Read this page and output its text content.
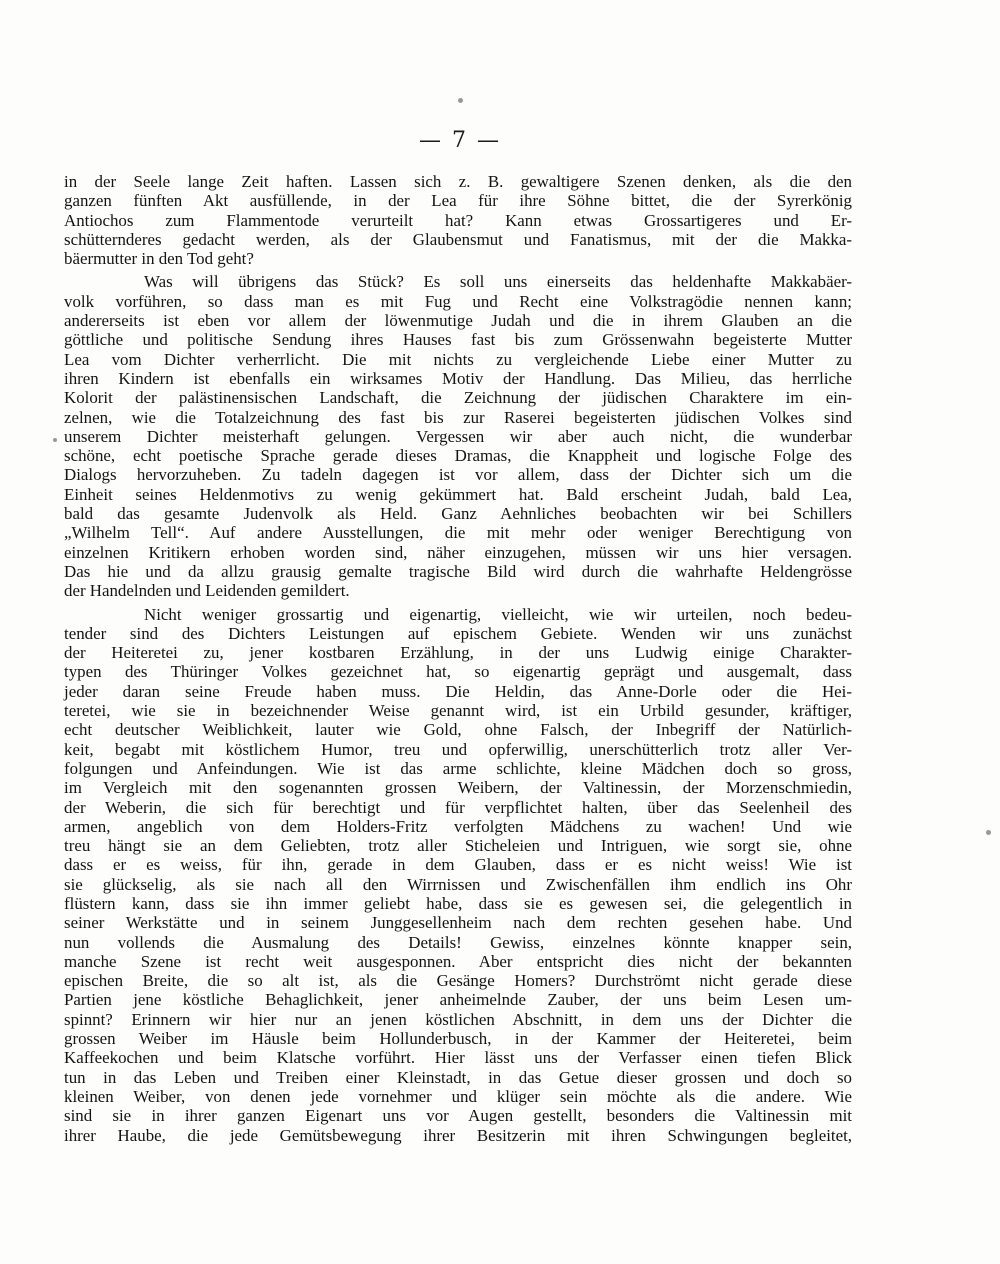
— 7 —
in der Seele lange Zeit haften. Lassen sich z. B. gewaltigere Szenen denken, als die den
ganzen fünften Akt ausfüllende, in der Lea für ihre Söhne bittet, die der Syrerkönig
Antiochos zum Flammentode verurteilt hat? Kann etwas Grossartigeres und Er-
schütternderes gedacht werden, als der Glaubensmut und Fanatismus, mit der die Makka-
bäermutter in den Tod geht?
Was will übrigens das Stück? Es soll uns einerseits das heldenhafte Makkabäer-
volk vorführen, so dass man es mit Fug und Recht eine Volkstragödie nennen kann;
andererseits ist eben vor allem der löwenmutige Judah und die in ihrem Glauben an die
göttliche und politische Sendung ihres Hauses fast bis zum Grössenwahn begeisterte Mutter
Lea vom Dichter verherrlicht. Die mit nichts zu vergleichende Liebe einer Mutter zu
ihren Kindern ist ebenfalls ein wirksames Motiv der Handlung. Das Milieu, das herrliche
Kolorit der palästinensischen Landschaft, die Zeichnung der jüdischen Charaktere im ein-
zelnen, wie die Totalzeichnung des fast bis zur Raserei begeisterten jüdischen Volkes sind
unserem Dichter meisterhaft gelungen. Vergessen wir aber auch nicht, die wunderbar
schöne, echt poetische Sprache gerade dieses Dramas, die Knappheit und logische Folge des
Dialogs hervorzuheben. Zu tadeln dagegen ist vor allem, dass der Dichter sich um die
Einheit seines Heldenmotivs zu wenig gekümmert hat. Bald erscheint Judah, bald Lea,
bald das gesamte Judenvolk als Held. Ganz Aehnliches beobachten wir bei Schillers
„Wilhelm Tell“. Auf andere Ausstellungen, die mit mehr oder weniger Berechtigung von
einzelnen Kritikern erhoben worden sind, näher einzugehen, müssen wir uns hier versagen.
Das hie und da allzu grausig gemalte tragische Bild wird durch die wahrhafte Heldengrösse
der Handelnden und Leidenden gemildert.
Nicht weniger grossartig und eigenartig, vielleicht, wie wir urteilen, noch bedeu-
tender sind des Dichters Leistungen auf epischem Gebiete. Wenden wir uns zunächst
der Heiteretei zu, jener kostbaren Erzählung, in der uns Ludwig einige Charakter-
typen des Thüringer Volkes gezeichnet hat, so eigenartig geprägt und ausgemalt, dass
jeder daran seine Freude haben muss. Die Heldin, das Anne-Dorle oder die Hei-
teretei, wie sie in bezeichnender Weise genannt wird, ist ein Urbild gesunder, kräftiger,
echt deutscher Weiblichkeit, lauter wie Gold, ohne Falsch, der Inbegriff der Natürlich-
keit, begabt mit köstlichem Humor, treu und opferwillig, unerschütterlich trotz aller Ver-
folgungen und Anfeindungen. Wie ist das arme schlichte, kleine Mädchen doch so gross,
im Vergleich mit den sogenannten grossen Weibern, der Valtinessin, der Morzenschmiedin,
der Weberin, die sich für berechtigt und für verpflichtet halten, über das Seelenheil des
armen, angeblich von dem Holders-Fritz verfolgten Mädchens zu wachen! Und wie
treu hängt sie an dem Geliebten, trotz aller Sticheleien und Intriguen, wie sorgt sie, ohne
dass er es weiss, für ihn, gerade in dem Glauben, dass er es nicht weiss! Wie ist
sie glückselig, als sie nach all den Wirrnissen und Zwischenfällen ihm endlich ins Ohr
flüstern kann, dass sie ihn immer geliebt habe, dass sie es gewesen sei, die gelegentlich in
seiner Werkstätte und in seinem Junggesellenheim nach dem rechten gesehen habe. Und
nun vollends die Ausmalung des Details! Gewiss, einzelnes könnte knapper sein,
manche Szene ist recht weit ausgesponnen. Aber entspricht dies nicht der bekannten
epischen Breite, die so alt ist, als die Gesänge Homers? Durchströmt nicht gerade diese
Partien jene köstliche Behaglichkeit, jener anheimelnde Zauber, der uns beim Lesen um-
spinnt? Erinnern wir hier nur an jenen köstlichen Abschnitt, in dem uns der Dichter die
grossen Weiber im Häusle beim Hollunderbusch, in der Kammer der Heiteretei, beim
Kaffeekochen und beim Klatsche vorführt. Hier lässt uns der Verfasser einen tiefen Blick
tun in das Leben und Treiben einer Kleinstadt, in das Getue dieser grossen und doch so
kleinen Weiber, von denen jede vornehmer und klüger sein möchte als die andere. Wie
sind sie in ihrer ganzen Eigenart uns vor Augen gestellt, besonders die Valtinessin mit
ihrer Haube, die jede Gemütsbewegung ihrer Besitzerin mit ihren Schwingungen begleitet,
